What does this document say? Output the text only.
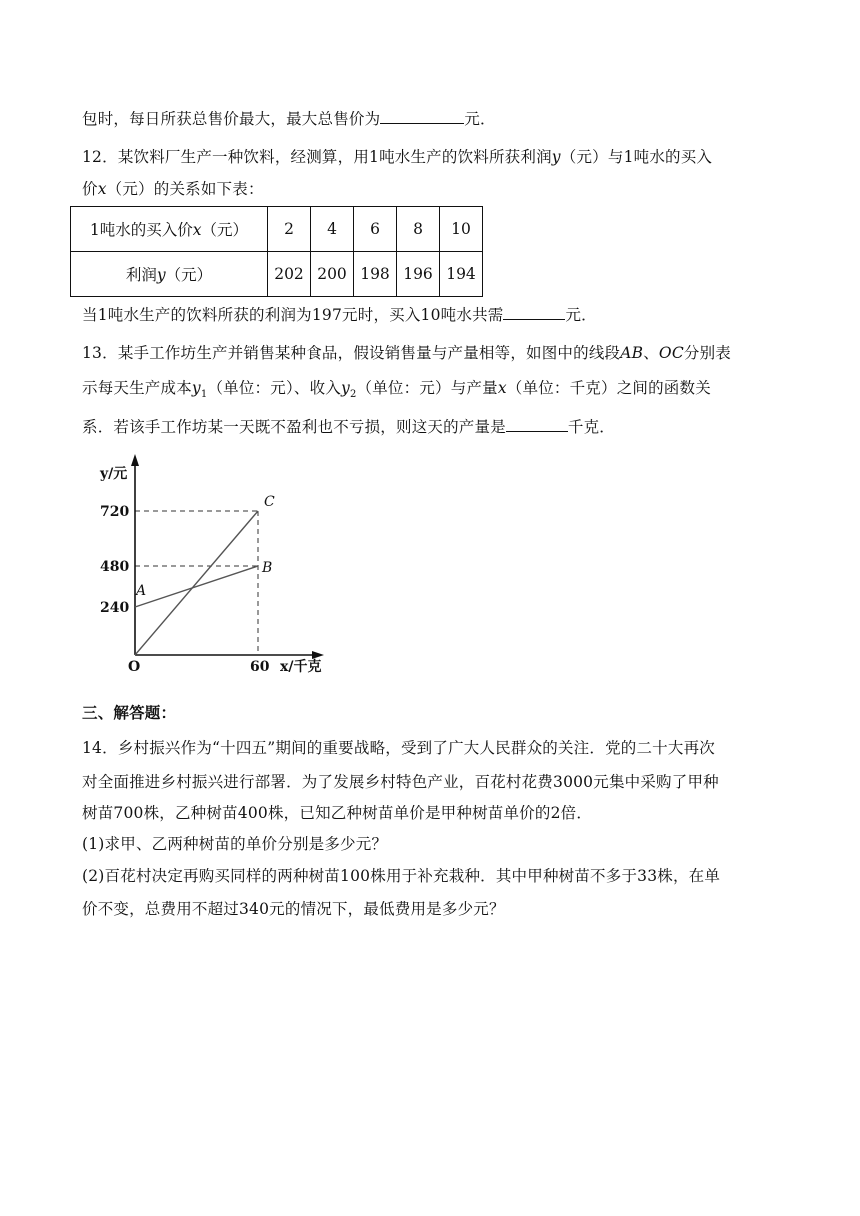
包时，每日所获总售价最大，最大总售价为	元．
12．某饮料厂生产一种饮料，经测算，用1吨水生产的饮料所获利润y（元）与1吨水的买入
价x（元）的关系如下表：
1吨水的买入价x（元）	2	4	6	8	10
利润y（元）	202	200	198	196	194
当1吨水生产的饮料所获的利润为197元时，买入10吨水共需	元．
13．某手工作坊生产并销售某种食品，假设销售量与产量相等，如图中的线段AB、OC分别表
示每天生产成本$y_1$（单位：元）、收入$y_2$（单位：元）与产量x（单位：千克）之间的函数关
系．若该手工作坊某一天既不盈利也不亏损，则这天的产量是	千克．
y/元
x/千克
720
480
240
60
O
A
B
C
三、解答题：
14．乡村振兴作为“十四五”期间的重要战略，受到了广大人民群众的关注．党的二十大再次
对全面推进乡村振兴进行部署．为了发展乡村特色产业，百花村花费3000元集中采购了甲种
树苗700株，乙种树苗400株，已知乙种树苗单价是甲种树苗单价的2倍．
(1)求甲、乙两种树苗的单价分别是多少元？
(2)百花村决定再购买同样的两种树苗100株用于补充栽种．其中甲种树苗不多于33株，在单
价不变，总费用不超过340元的情况下，最低费用是多少元？
